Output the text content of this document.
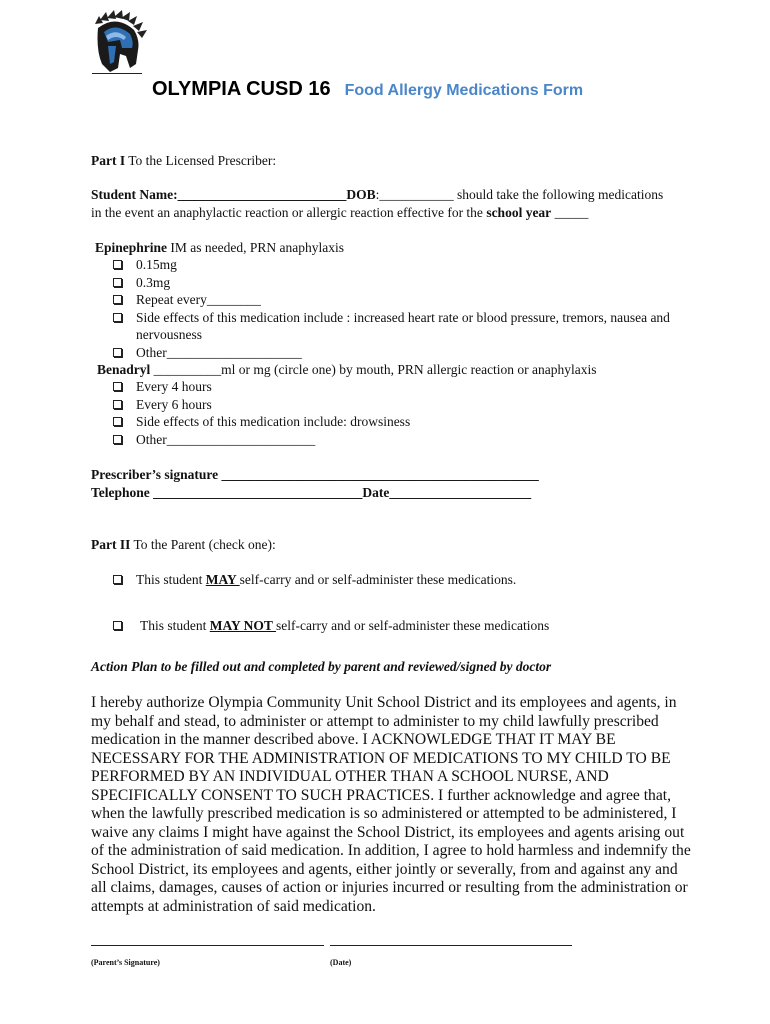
OLYMPIA CUSD 16 Food Allergy Medications Form
Part I To the Licensed Prescriber:
Student Name:_________________________DOB:___________ should take the following medications
in the event an anaphylactic reaction or allergic reaction effective for the school year _____
Epinephrine IM as needed, PRN anaphylaxis
0.15mg
0.3mg
Repeat every________
Side effects of this medication include : increased heart rate or blood pressure, tremors, nausea and
nervousness
Other____________________
Benadryl __________ml or mg (circle one) by mouth, PRN allergic reaction or anaphylaxis
Every 4 hours
Every 6 hours
Side effects of this medication include: drowsiness
Other______________________
Prescriber’s signature _______________________________________________
Telephone _______________________________Date_____________________
Part II To the Parent (check one):
This student MAY self-carry and or self-administer these medications.
This student MAY NOT self-carry and or self-administer these medications
Action Plan to be filled out and completed by parent and reviewed/signed by doctor
I hereby authorize Olympia Community Unit School District and its employees and agents, in my behalf and stead, to administer or attempt to administer to my child lawfully prescribed medication in the manner described above. I ACKNOWLEDGE THAT IT MAY BE NECESSARY FOR THE ADMINISTRATION OF MEDICATIONS TO MY CHILD TO BE PERFORMED BY AN INDIVIDUAL OTHER THAN A SCHOOL NURSE, AND SPECIFICALLY CONSENT TO SUCH PRACTICES. I further acknowledge and agree that, when the lawfully prescribed medication is so administered or attempted to be administered, I waive any claims I might have against the School District, its employees and agents arising out of the administration of said medication. In addition, I agree to hold harmless and indemnify the School District, its employees and agents, either jointly or severally, from and against any and all claims, damages, causes of action or injuries incurred or resulting from the administration or attempts at administration of said medication.
(Parent’s Signature)	(Date)
